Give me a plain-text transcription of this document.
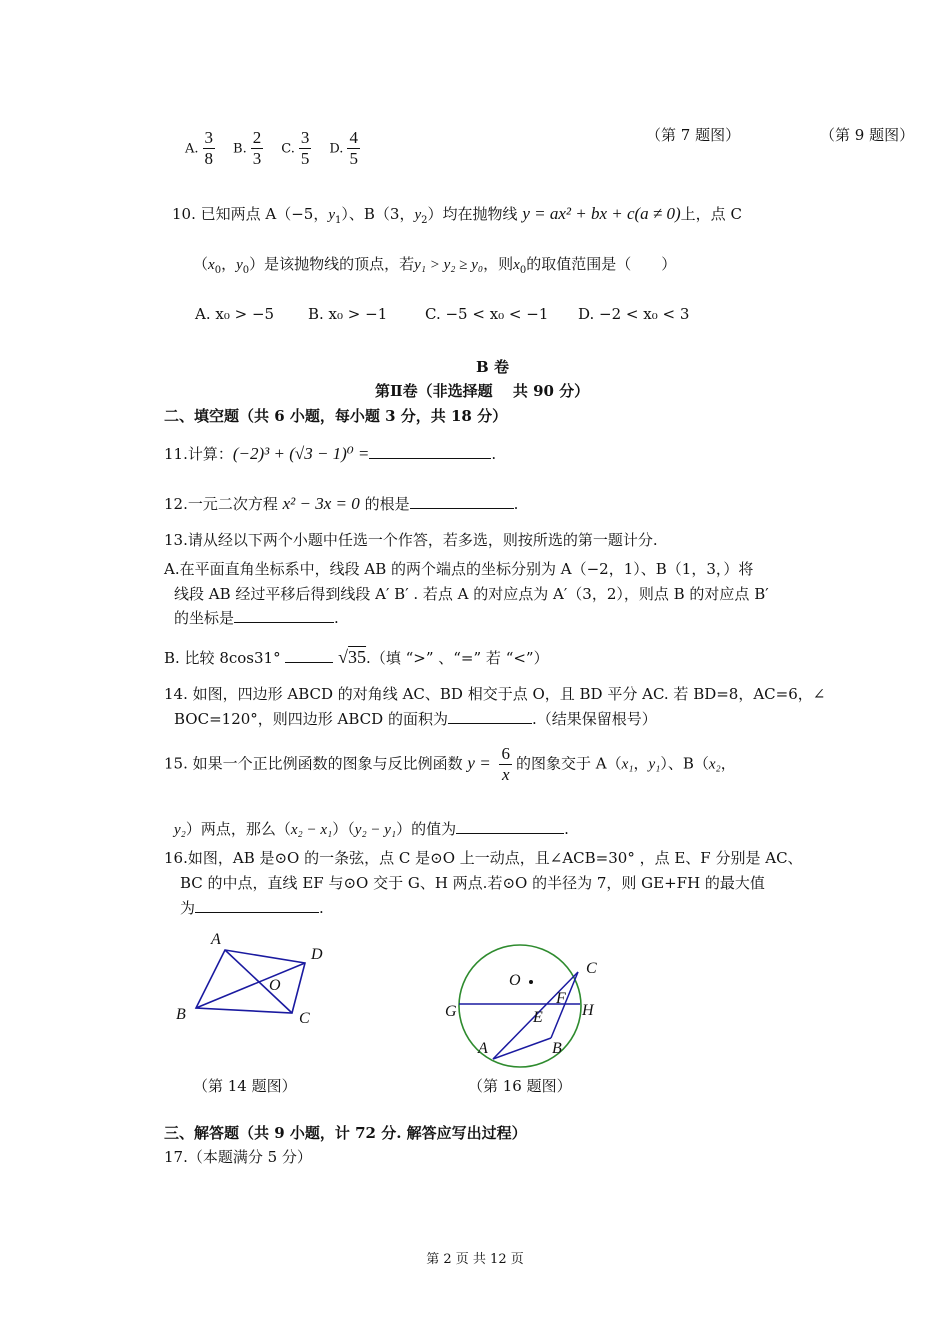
（第 7 题图）	（第 9 题图）
A. $\frac{3}{8} B$. $\frac{2}{3} C$. $\frac{3}{5} D$. $\frac{4}{5}$
10. 已知两点 A（−5，$y_1$）、B（3，$y_2$）均在抛物线 y = ax² + bx + c(a ≠ 0)上，点 C
（$x_0$，$y_0$）是该抛物线的顶点，若y₁ > y₂ ≥ y₀，则$x_0$的取值范围是（　　）
A. x₀ > −5 B. x₀ > −1	C. −5 < x₀ < −1 D. −2 < x₀ < 3
B 卷
第Ⅱ卷（非选择题　 共 90 分）
二、填空题（共 6 小题，每小题 3 分，共 18 分）
11.计算：(−2)³ + (√3 − 1)⁰ =	.
12.一元二次方程 x² − 3x = 0 的根是	.
13.请从经以下两个小题中任选一个作答，若多选，则按所选的第一题计分.
A.在平面直角坐标系中，线段 AB 的两个端点的坐标分别为 A（−2，1）、B（1，3，）将
线段 AB 经过平移后得到线段 A′ B′ . 若点 A 的对应点为 A′（3，2），则点 B 的对应点 B′
的坐标是	.
B. 比较 8cos31°	√35.（填 “>” 、“=” 若 “<”）
14. 如图，四边形 ABCD 的对角线 AC、BD 相交于点 O，且 BD 平分 AC. 若 BD=8，AC=6，∠
BOC=120°，则四边形 ABCD 的面积为	.（结果保留根号）
15. 如果一个正比例函数的图象与反比例函数 $y = \frac{6}{x}$ 的图象交于 A（x₁，y₁）、B（x₂，
y₂）两点，那么（x₂ − x₁）（y₂ − y₁）的值为	.
16.如图，AB 是⊙O 的一条弦，点 C 是⊙O 上一动点，且∠ACB=30° ，点 E、F 分别是 AC、
BC 的中点，直线 EF 与⊙O 交于 G、H 两点.若⊙O 的半径为 7，则 GE+FH 的最大值
为	.
A
D
O
B	C
（第 14 题图）
O
C
F
G	H
E
A	B
（第 16 题图）
三、解答题（共 9 小题，计 72 分. 解答应写出过程）
17.（本题满分 5 分）
第 2 页 共 12 页
